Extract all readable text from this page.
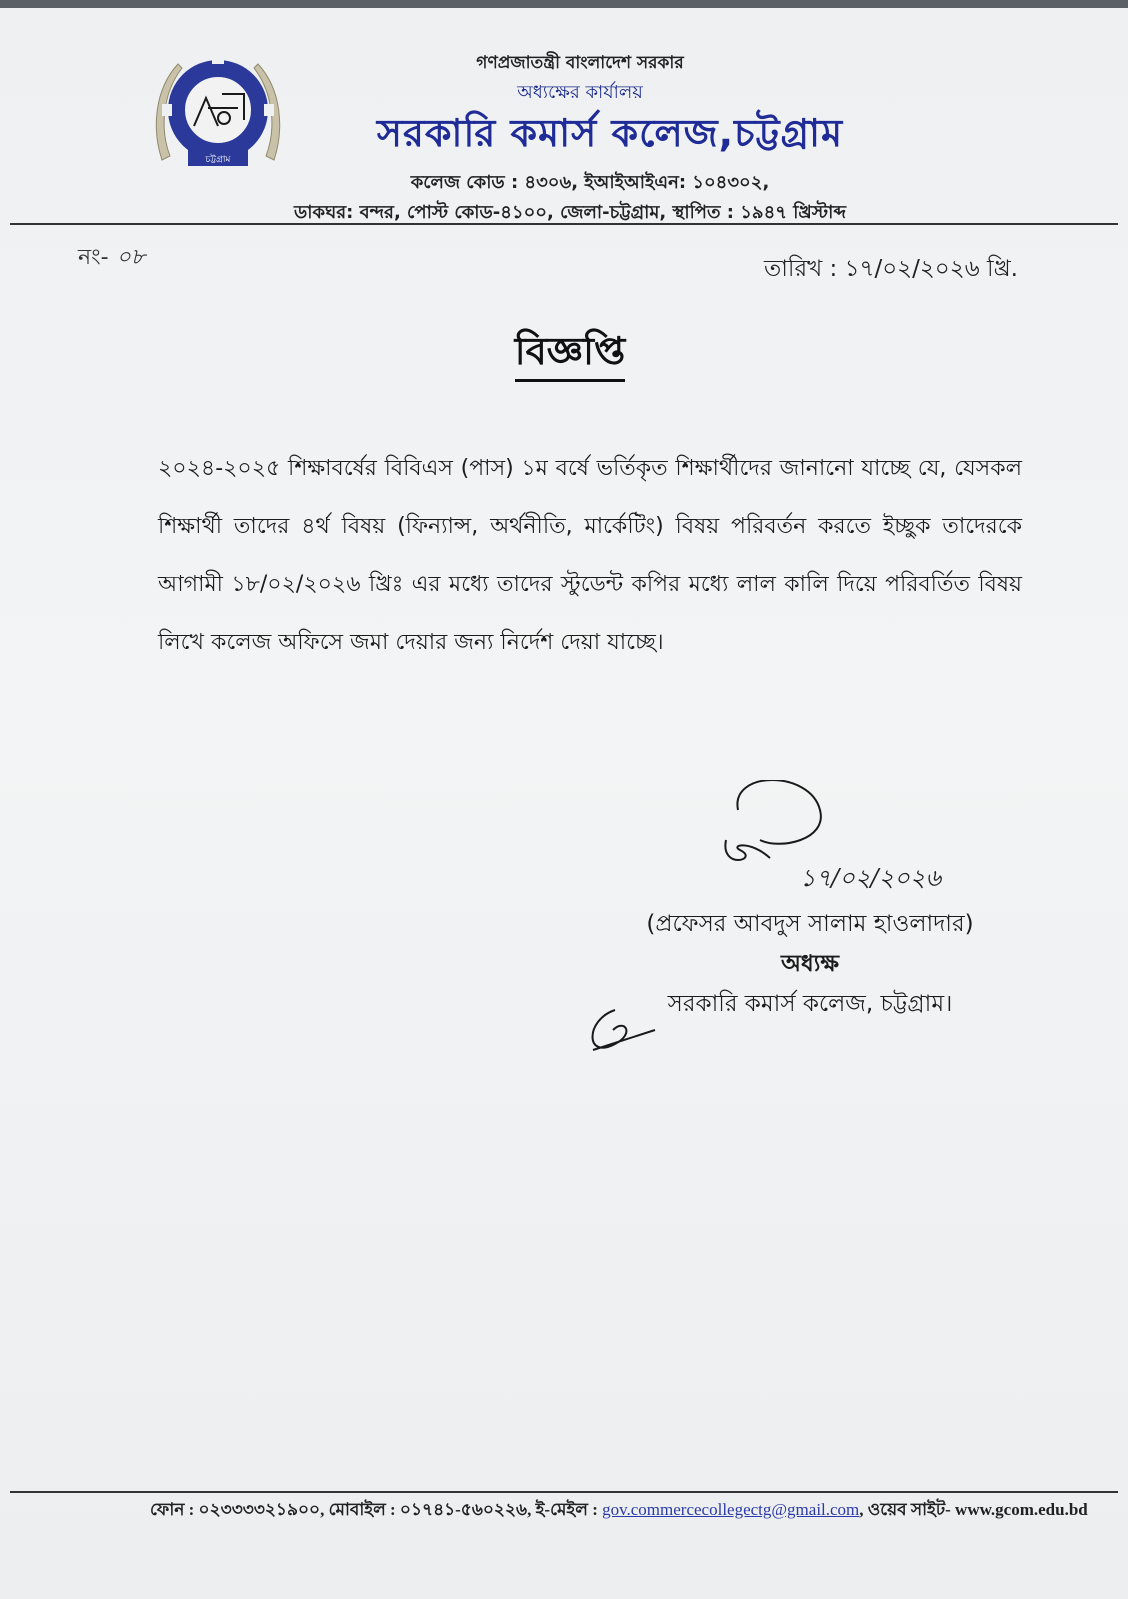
চট্টগ্রাম
গণপ্রজাতন্ত্রী বাংলাদেশ সরকার
অধ্যক্ষের কার্যালয়
সরকারি কমার্স কলেজ,চট্টগ্রাম
কলেজ কোড : ৪৩০৬, ইআইআইএন: ১০৪৩০২,
ডাকঘর: বন্দর, পোস্ট কোড-৪১০০, জেলা-চট্টগ্রাম, স্থাপিত : ১৯৪৭ খ্রিস্টাব্দ
নং- ০৮	তারিখ : ১৭/০২/২০২৬ খ্রি.
বিজ্ঞপ্তি
২০২৪-২০২৫ শিক্ষাবর্ষের বিবিএস (পাস) ১ম বর্ষে ভর্তিকৃত শিক্ষার্থীদের জানানো যাচ্ছে যে, যেসকল শিক্ষার্থী তাদের ৪র্থ বিষয় (ফিন্যান্স, অর্থনীতি, মার্কেটিং) বিষয় পরিবর্তন করতে ইচ্ছুক তাদেরকে আগামী ১৮/০২/২০২৬ খ্রিঃ এর মধ্যে তাদের স্টুডেন্ট কপির মধ্যে লাল কালি দিয়ে পরিবর্তিত বিষয় লিখে কলেজ অফিসে জমা দেয়ার জন্য নির্দেশ দেয়া যাচ্ছে।
১৭/০২/২০২৬
(প্রফেসর আবদুস সালাম হাওলাদার)
অধ্যক্ষ
সরকারি কমার্স কলেজ, চট্টগ্রাম।
ফোন : ০২৩৩৩৩২১৯০০, মোবাইল : ০১৭৪১-৫৬০২২৬, ই-মেইল : gov.commercecollegectg@gmail.com, ওয়েব সাইট- www.gcom.edu.bd
